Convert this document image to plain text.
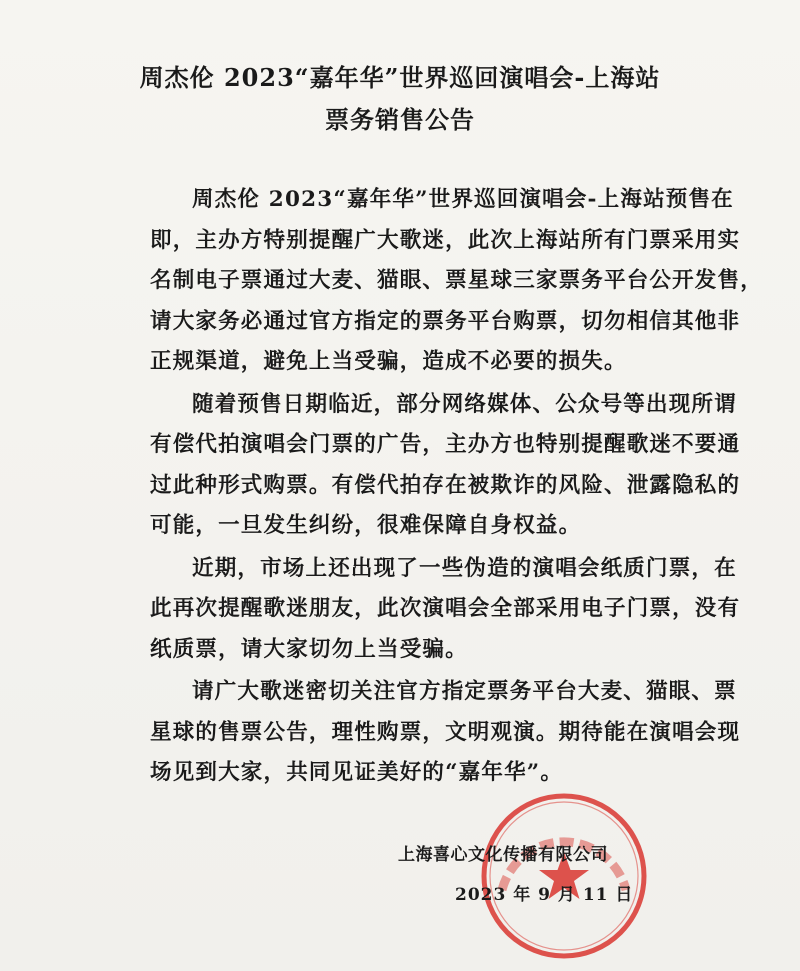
周杰伦 2023“嘉年华”世界巡回演唱会-上海站
票务销售公告
周杰伦 2023“嘉年华”世界巡回演唱会-上海站预售在
即，主办方特别提醒广大歌迷，此次上海站所有门票采用实
名制电子票通过大麦、猫眼、票星球三家票务平台公开发售，
请大家务必通过官方指定的票务平台购票，切勿相信其他非
正规渠道，避免上当受骗，造成不必要的损失。
随着预售日期临近，部分网络媒体、公众号等出现所谓
有偿代拍演唱会门票的广告，主办方也特别提醒歌迷不要通
过此种形式购票。有偿代拍存在被欺诈的风险、泄露隐私的
可能，一旦发生纠纷，很难保障自身权益。
近期，市场上还出现了一些伪造的演唱会纸质门票，在
此再次提醒歌迷朋友，此次演唱会全部采用电子门票，没有
纸质票，请大家切勿上当受骗。
请广大歌迷密切关注官方指定票务平台大麦、猫眼、票
星球的售票公告，理性购票，文明观演。期待能在演唱会现
场见到大家，共同见证美好的“嘉年华”。
上海喜心文化传播有限公司
2023 年 9 月 11 日
